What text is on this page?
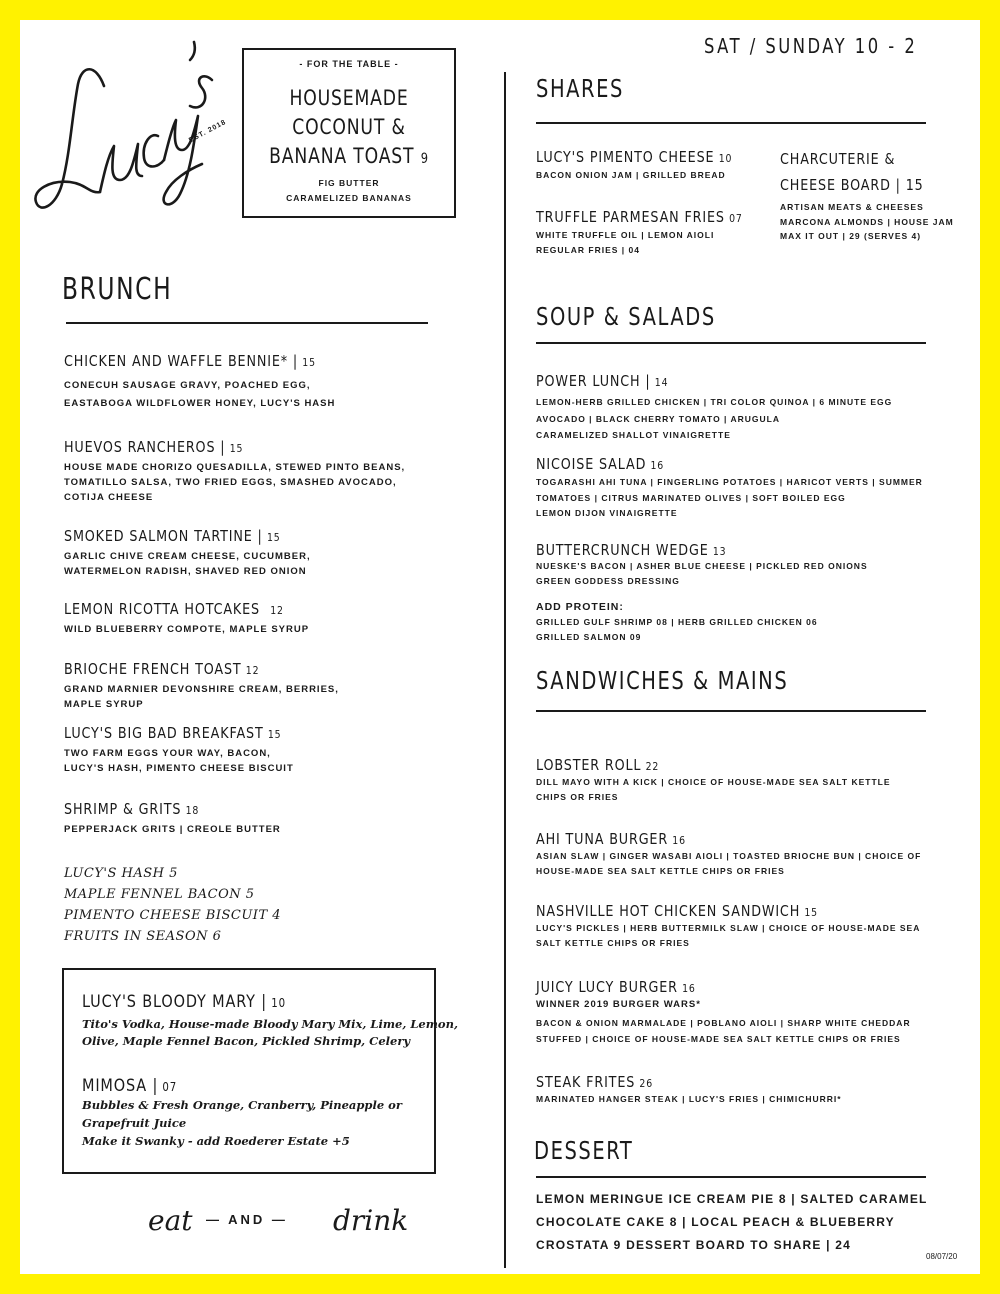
EST. 2018
- FOR THE TABLE -
HOUSEMADE
COCONUT &
BANANA TOAST 9
FIG BUTTER
CARAMELIZED BANANAS
SAT / SUNDAY 10 - 2
BRUNCH
CHICKEN AND WAFFLE BENNIE* | 15
CONECUH SAUSAGE GRAVY, POACHED EGG,
EASTABOGA WILDFLOWER HONEY, LUCY'S HASH
HUEVOS RANCHEROS | 15
HOUSE MADE CHORIZO QUESADILLA, STEWED PINTO BEANS,
TOMATILLO SALSA, TWO FRIED EGGS, SMASHED AVOCADO,
COTIJA CHEESE
SMOKED SALMON TARTINE | 15
GARLIC CHIVE CREAM CHEESE, CUCUMBER,
WATERMELON RADISH, SHAVED RED ONION
LEMON RICOTTA HOTCAKES 12
WILD BLUEBERRY COMPOTE, MAPLE SYRUP
BRIOCHE FRENCH TOAST 12
GRAND MARNIER DEVONSHIRE CREAM, BERRIES,
MAPLE SYRUP
LUCY'S BIG BAD BREAKFAST 15
TWO FARM EGGS YOUR WAY, BACON,
LUCY'S HASH, PIMENTO CHEESE BISCUIT
SHRIMP & GRITS 18
PEPPERJACK GRITS | CREOLE BUTTER
LUCY'S HASH 5
MAPLE FENNEL BACON 5
PIMENTO CHEESE BISCUIT 4
FRUITS IN SEASON 6
LUCY'S BLOODY MARY | 10
Tito's Vodka, House-made Bloody Mary Mix, Lime, Lemon,
Olive, Maple Fennel Bacon, Pickled Shrimp, Celery
MIMOSA | 07
Bubbles & Fresh Orange, Cranberry, Pineapple or
Grapefruit Juice
Make it Swanky - add Roederer Estate +5
eat — AND — drink
SHARES
LUCY'S PIMENTO CHEESE 10
BACON ONION JAM | GRILLED BREAD
TRUFFLE PARMESAN FRIES 07
WHITE TRUFFLE OIL | LEMON AIOLI
REGULAR FRIES | 04
CHARCUTERIE &
CHEESE BOARD | 15
ARTISAN MEATS & CHEESES
MARCONA ALMONDS | HOUSE JAM
MAX IT OUT | 29 (SERVES 4)
SOUP & SALADS
POWER LUNCH | 14
LEMON-HERB GRILLED CHICKEN | TRI COLOR QUINOA | 6 MINUTE EGG
AVOCADO | BLACK CHERRY TOMATO | ARUGULA
CARAMELIZED SHALLOT VINAIGRETTE
NICOISE SALAD 16
TOGARASHI AHI TUNA | FINGERLING POTATOES | HARICOT VERTS | SUMMER
TOMATOES | CITRUS MARINATED OLIVES | SOFT BOILED EGG
LEMON DIJON VINAIGRETTE
BUTTERCRUNCH WEDGE 13
NUESKE'S BACON | ASHER BLUE CHEESE | PICKLED RED ONIONS
GREEN GODDESS DRESSING
ADD PROTEIN:
GRILLED GULF SHRIMP 08 | HERB GRILLED CHICKEN 06
GRILLED SALMON 09
SANDWICHES & MAINS
LOBSTER ROLL 22
DILL MAYO WITH A KICK | CHOICE OF HOUSE-MADE SEA SALT KETTLE
CHIPS OR FRIES
AHI TUNA BURGER 16
ASIAN SLAW | GINGER WASABI AIOLI | TOASTED BRIOCHE BUN | CHOICE OF
HOUSE-MADE SEA SALT KETTLE CHIPS OR FRIES
NASHVILLE HOT CHICKEN SANDWICH 15
LUCY'S PICKLES | HERB BUTTERMILK SLAW | CHOICE OF HOUSE-MADE SEA
SALT KETTLE CHIPS OR FRIES
JUICY LUCY BURGER 16
WINNER 2019 BURGER WARS*
BACON & ONION MARMALADE | POBLANO AIOLI | SHARP WHITE CHEDDAR
STUFFED | CHOICE OF HOUSE-MADE SEA SALT KETTLE CHIPS OR FRIES
STEAK FRITES 26
MARINATED HANGER STEAK | LUCY'S FRIES | CHIMICHURRI*
DESSERT
LEMON MERINGUE ICE CREAM PIE 8 | SALTED CARAMEL
CHOCOLATE CAKE 8 | LOCAL PEACH & BLUEBERRY
CROSTATA 9 DESSERT BOARD TO SHARE | 24
08/07/20
